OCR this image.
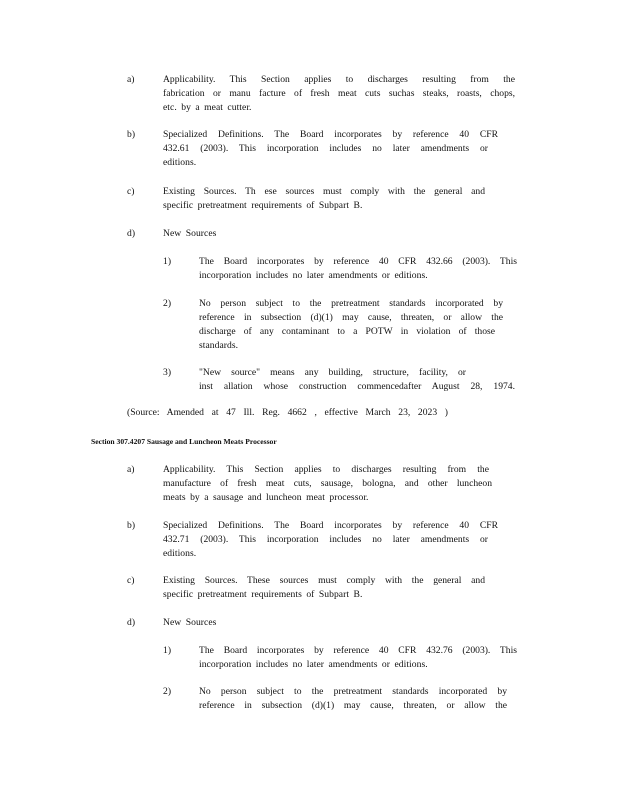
a)	Applicability. This Section applies to discharges resulting from the
fabrication or manu facture of fresh meat cuts suchas steaks, roasts, chops,
etc. by a meat cutter.
b)	Specialized Definitions. The Board incorporates by reference 40 CFR
432.61 (2003). This incorporation includes no later amendments or
editions.
c)	Existing Sources. Th ese sources must comply with the general and
specific pretreatment requirements of Subpart B.
d)	New Sources
1)	The Board incorporates by reference 40 CFR 432.66 (2003). This
incorporation includes no later amendments or editions.
2)	No person subject to the pretreatment standards incorporated by
reference in subsection (d)(1) may cause, threaten, or allow the
discharge of any contaminant to a POTW in violation of those
standards.
3)	"New source" means any building, structure, facility, or
inst allation whose construction commencedafter August 28, 1974.
(Source: Amended at 47 Ill. Reg. 4662 , effective March 23, 2023 )
Section 307.4207 Sausage and Luncheon Meats Processor
a)	Applicability. This Section applies to discharges resulting from the
manufacture of fresh meat cuts, sausage, bologna, and other luncheon
meats by a sausage and luncheon meat processor.
b)	Specialized Definitions. The Board incorporates by reference 40 CFR
432.71 (2003). This incorporation includes no later amendments or
editions.
c)	Existing Sources. These sources must comply with the general and
specific pretreatment requirements of Subpart B.
d)	New Sources
1)	The Board incorporates by reference 40 CFR 432.76 (2003). This
incorporation includes no later amendments or editions.
2)	No person subject to the pretreatment standards incorporated by
reference in subsection (d)(1) may cause, threaten, or allow the
